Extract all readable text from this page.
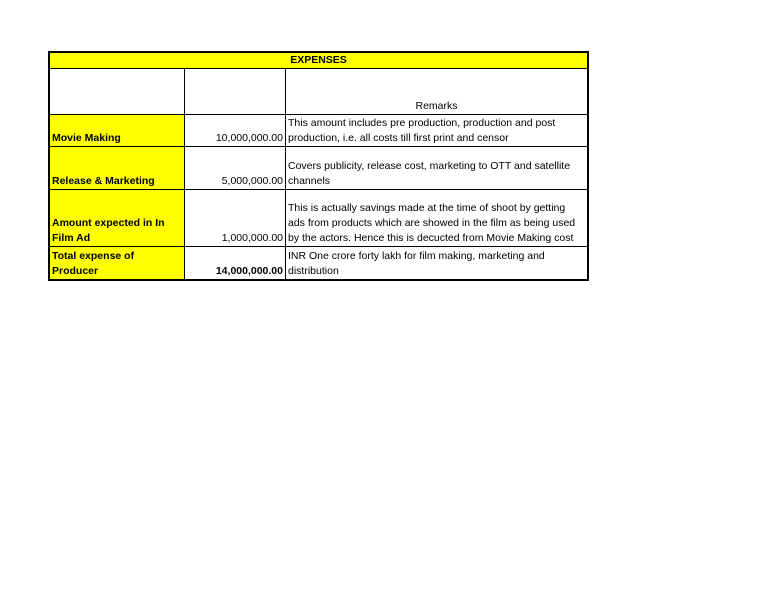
EXPENSES		
		Remarks
Movie Making	10,000,000.00	This amount includes pre production, production and post production, i.e. all costs till first print and censor
Release & Marketing	5,000,000.00	Covers publicity, release cost, marketing to OTT and satellite channels
Amount expected in In Film Ad	1,000,000.00	This is actually savings made at the time of shoot by getting ads from products which are showed in the film as being used by the actors. Hence this is decucted from Movie Making cost
Total expense of Producer	14,000,000.00	INR One crore forty lakh for film making, marketing and distribution
